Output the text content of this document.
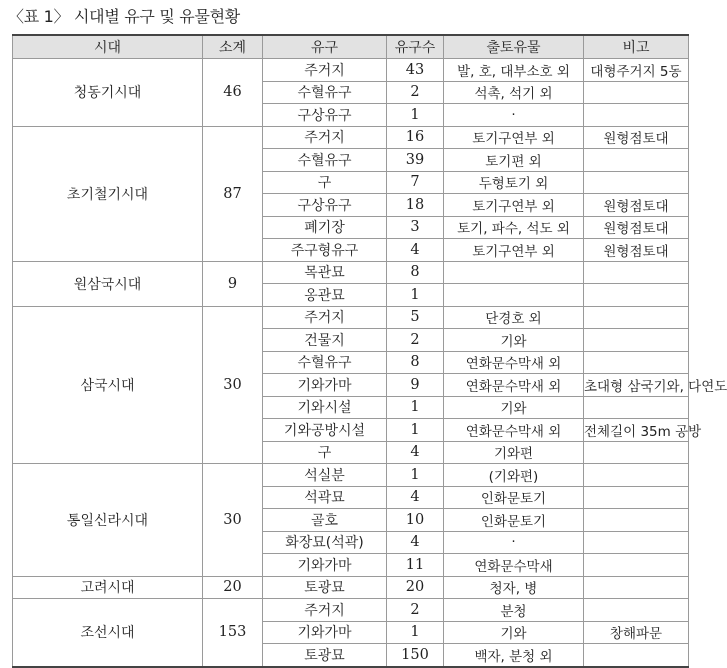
〈표 1〉 시대별 유구 및 유물현황
시대	소계	유구	유구수	출토유물	비고
청동기시대	46	주거지	43	발, 호, 대부소호 외	대형주거지 5동
		수혈유구	2	석촉, 석기 외	
		구상유구	1	·	
초기철기시대	87	주거지	16	토기구연부 외	원형점토대
		수혈유구	39	토기편 외	
		구	7	두형토기 외	
		구상유구	18	토기구연부 외	원형점토대
		폐기장	3	토기, 파수, 석도 외	원형점토대
		주구형유구	4	토기구연부 외	원형점토대
원삼국시대	9	목관묘	8		
		옹관묘	1		
삼국시대	30	주거지	5	단경호 외	
		건물지	2	기와	
		수혈유구	8	연화문수막새 외	
		기와가마	9	연화문수막새 외	초대형 삼국기와, 다연도
		기와시설	1	기와	
		기와공방시설	1	연화문수막새 외	전체길이 35m 공방
		구	4	기와편	
통일신라시대	30	석실분	1	(기와편)	
		석곽묘	4	인화문토기	
		골호	10	인화문토기	
		화장묘(석곽)	4	·	
		기와가마	11	연화문수막새	
고려시대	20	토광묘	20	청자, 병	
조선시대	153	주거지	2	분청	
		기와가마	1	기와	창해파문
		토광묘	150	백자, 분청 외	
